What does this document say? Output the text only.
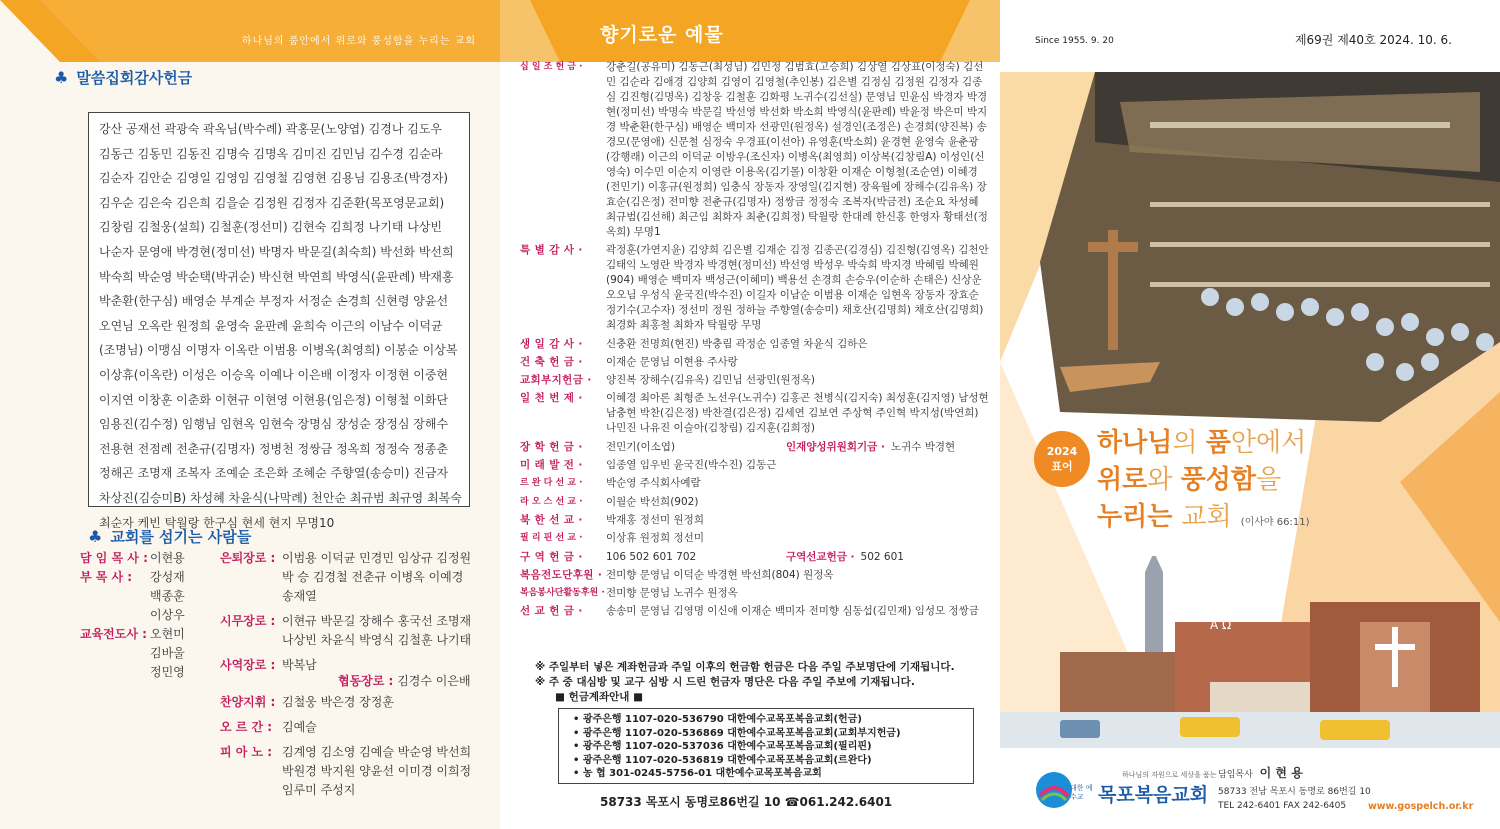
하나님의 품안에서 위로와 풍성함을 누리는 교회
♣ 말씀집회감사헌금
강산 공재선 곽광숙 곽옥님(박수례) 곽홍문(노양엽) 김경나 김도우
김동근 김동민 김동진 김명숙 김명옥 김미진 김민님 김수경 김순라
김순자 김안순 김영일 김영임 김영철 김영현 김용님 김용조(박경자)
김우순 김은숙 김은희 김을순 김정원 김정자 김준환(목포영문교회)
김창림 김철웅(설희) 김철훈(정선미) 김현숙 김희정 나기태 나상빈
나순자 문영애 박경현(정미선) 박명자 박문길(최숙희) 박선화 박선희
박숙희 박순영 박순택(박귀순) 박신현 박연희 박영식(윤판례) 박재홍
박춘환(한구심) 배영순 부계순 부정자 서정순 손경희 신현령 양윤선
오연님 오옥란 원정희 윤영숙 윤판례 윤희숙 이근의 이남수 이덕균
(조명님) 이맹심 이명자 이옥란 이범용 이병옥(최영희) 이봉순 이상복
이상휴(이옥란) 이성은 이승옥 이예나 이은배 이정자 이정현 이중현
이지연 이창훈 이춘화 이현규 이현영 이현용(임은정) 이형철 이화단
임용진(김수정) 임행님 임현옥 임현숙 장명심 장성순 장정심 장해수
전용현 전점례 전춘규(김명자) 정병천 정쌍금 정옥희 정정숙 정종춘
정해곤 조명재 조복자 조예순 조은화 조혜순 주향열(송승미) 진금자
차상진(김승미B) 차성혜 차윤식(나막례) 천안순 최규범 최규영 최복숙
최순자 케빈 탁월랑 한구심 현세 현지 무명10
♣ 교회를 섬기는 사람들
담 임 목 사 : 이현용
부 목 사 :	강성재
백종훈
이상우
교육전도사 : 오현미
김바울
정민영
은퇴장로 : 이범용 이덕균 민경민 임상규 김정원
박 승 김경철 전춘규 이병옥 이예경
송재열
시무장로 : 이현규 박문길 장해수 홍국선 조명재
나상빈 차윤식 박영식 김철훈 나기태
사역장로 : 박복남
찬양지휘 : 김철웅 박은경 장정훈
오 르 간 : 김예슬
피 아 노 : 김계영 김소영 김예슬 박순영 박선희
박원경 박지원 양윤선 이미경 이희정
임루미 주성지
협동장로 : 김경수 이은배
향기로운 예물
십 일 조 헌 금 ·	강춘길(공유미) 김동근(최성님) 김민정 김범효(고승희) 김상열 김상표(이정숙) 김선민 김순라 김애경 김양희 김영이 김영철(추인봉) 김은별 김정심 김정원 김정자 김종심 김진형(김명옥) 김창웅 김철훈 김화평 노귀수(김선실) 문영님 민윤심 박경자 박경현(정미선) 박명숙 박문길 박선영 박선화 박소희 박영식(윤판례) 박윤정 박은미 박지경 박춘환(한구심) 배영순 백미자 선광민(원정옥) 설경인(조정은) 손경희(양진복) 송경모(문영애) 신문철 심정숙 우경표(이선아) 유영훈(박소희) 윤경현 윤영숙 윤춘광(강행래) 이근의 이덕균 이방우(조신자) 이병옥(최영희) 이상복(김창림A) 이성인(신영숙) 이수민 이순지 이영란 이용옥(김기몰) 이창환 이재순 이형철(조순연) 이혜경(전민기) 이홍규(원정희) 임충식 장동자 장영일(김지현) 장육월예 장해수(김유옥) 장효순(김은정) 전미향 전춘규(김명자) 정쌍금 정정숙 조복자(박금전) 조순요 차성혜 최규범(김선해) 최근임 최화자 최춘(김희정) 탁월랑 한대례 한신홍 한영자 황태선(정옥희) 무명1
특 별 감 사 ·	곽정훈(가연지윤) 김양희 김은별 김재순 김정 김종곤(김경심) 김진형(김영옥) 김천안 김태익 노영란 박경자 박경현(정미선) 박선영 박성우 박숙희 박지경 박혜림 박혜원(904) 배영순 백미자 백성근(이혜미) 백용선 손경희 손승우(이순하 손태은) 신상운 오오님 우성식 윤국진(박수진) 이길자 이남순 이범용 이재순 임현옥 장동자 장효순 정기수(고수자) 정선미 정원 정하늘 주향열(송승미) 채호산(김명희) 채호산(김명희) 최경화 최홍철 최화자 탁월랑 무명
생 일 감 사 ·	신충환 전명희(현진) 박충림 곽정순 임종열 차윤식 김하은
건 축 헌 금 ·	이재순 문영님 이현용 주사랑
교회부지헌금 ·	양진복 장해수(김유옥) 김민님 선광민(원정옥)
일 천 번 제 ·	이혜경 최아론 최형준 노선우(노귀수) 김홍곤 천병식(김지숙) 최성훈(김지영) 남성현 남충현 박찬(김은정) 박찬결(김은정) 김세연 김보연 주상혁 주인혁 박지성(박연희) 나민진 나유진 이슬아(김창림) 김지훈(김희정)
장 학 헌 금 ·	전민기(이소엽)	인재양성위원회기금 · 노귀수 박경현
미 래 발 전 ·	임종열 임우빈 윤국진(박수진) 김동근
르 완 다 선 교 ·	박순영 주식회사예람
라 오 스 선 교 ·	이월순 박선희(902)
북 한 선 교 ·	박재홍 정선미 원정희
필 리 핀 선 교 ·	이상휴 원정희 정선미
구 역 헌 금 ·	106 502 601 702	구역선교헌금 · 502 601
복음전도단후원 · 전미향 문영님 이덕순 박경현 박선희(804) 원정옥
복음봉사단활동후원 · 전미향 문영님 노귀수 원정옥
선 교 헌 금 ·	송송미 문영님 김영명 이신애 이재순 백미자 전미향 심동섭(김민재) 임성모 정쌍금
※ 주일부터 넣은 계좌헌금과 주일 이후의 헌금함 헌금은 다음 주일 주보명단에 기재됩니다.
※ 주 중 대심방 및 교구 심방 시 드린 헌금자 명단은 다음 주일 주보에 기재됩니다.
■ 헌금계좌안내 ■
• 광주은행 1107-020-536790 대한예수교목포복음교회(헌금)
• 광주은행 1107-020-536869 대한예수교목포복음교회(교회부지헌금)
• 광주은행 1107-020-537036 대한예수교목포복음교회(필리핀)
• 광주은행 1107-020-536819 대한예수교목포복음교회(르완다)
• 농 협 301-0245-5756-01 대한예수교목포복음교회
58733 목포시 동명로86번길 10 ☎061.242.6401
Since 1955. 9. 20	제69권 제40호 2024. 10. 6.
Α Ω
2024
표어
하나님의 품안에서
위로와 풍성함을
누리는 교회 (이사야 66:11)
하나님의 자원으로 세상을 품는
대한 예수교 목포복음교회
담임목사 이 현 용
58733 전남 목포시 동명로 86번길 10
TEL 242-6401 FAX 242-6405 www.gospelch.or.kr
